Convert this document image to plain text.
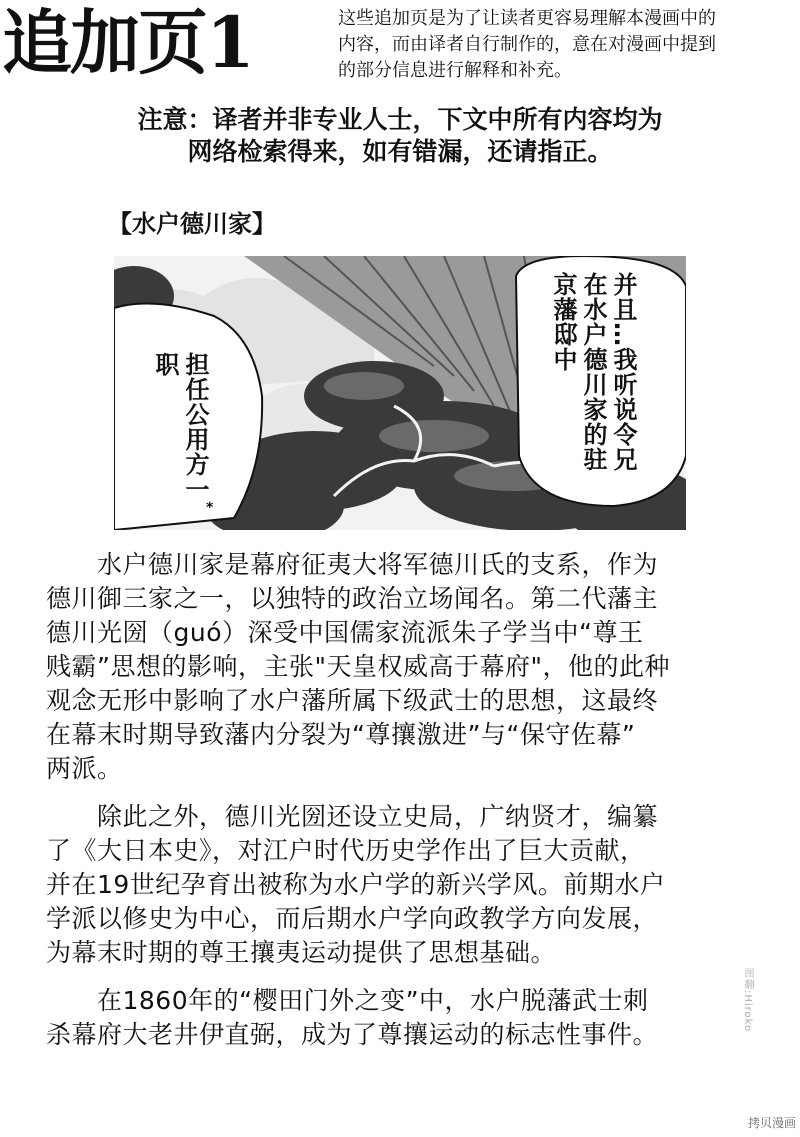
追加页1	这些追加页是为了让读者更容易理解本漫画中的
内容，而由译者自行制作的，意在对漫画中提到
的部分信息进行解释和补充。
注意：译者并非专业人士，下文中所有内容均为
网络检索得来，如有错漏，还请指正。
【水户德川家】
担任公用方一职	并且…我听说令兄在水户德川家的驻京藩邸中
*

　　水户德川家是幕府征夷大将军德川氏的支系，作为
德川御三家之一，以独特的政治立场闻名。第二代藩主
德川光圀（guó）深受中国儒家流派朱子学当中“尊王
贱霸”思想的影响，主张"天皇权威高于幕府"，他的此种
观念无形中影响了水户藩所属下级武士的思想，这最终
在幕末时期导致藩内分裂为“尊攘激进”与“保守佐幕”
两派。

　　除此之外，德川光圀还设立史局，广纳贤才，编纂
了《大日本史》，对江户时代历史学作出了巨大贡献，
并在19世纪孕育出被称为水户学的新兴学风。前期水户
学派以修史为中心，而后期水户学向政教学方向发展，
为幕末时期的尊王攘夷运动提供了思想基础。

　　在1860年的“樱田门外之变”中，水户脱藩武士刺
杀幕府大老井伊直弼，成为了尊攘运动的标志性事件。

图翻:Hiroko
拷贝漫画
